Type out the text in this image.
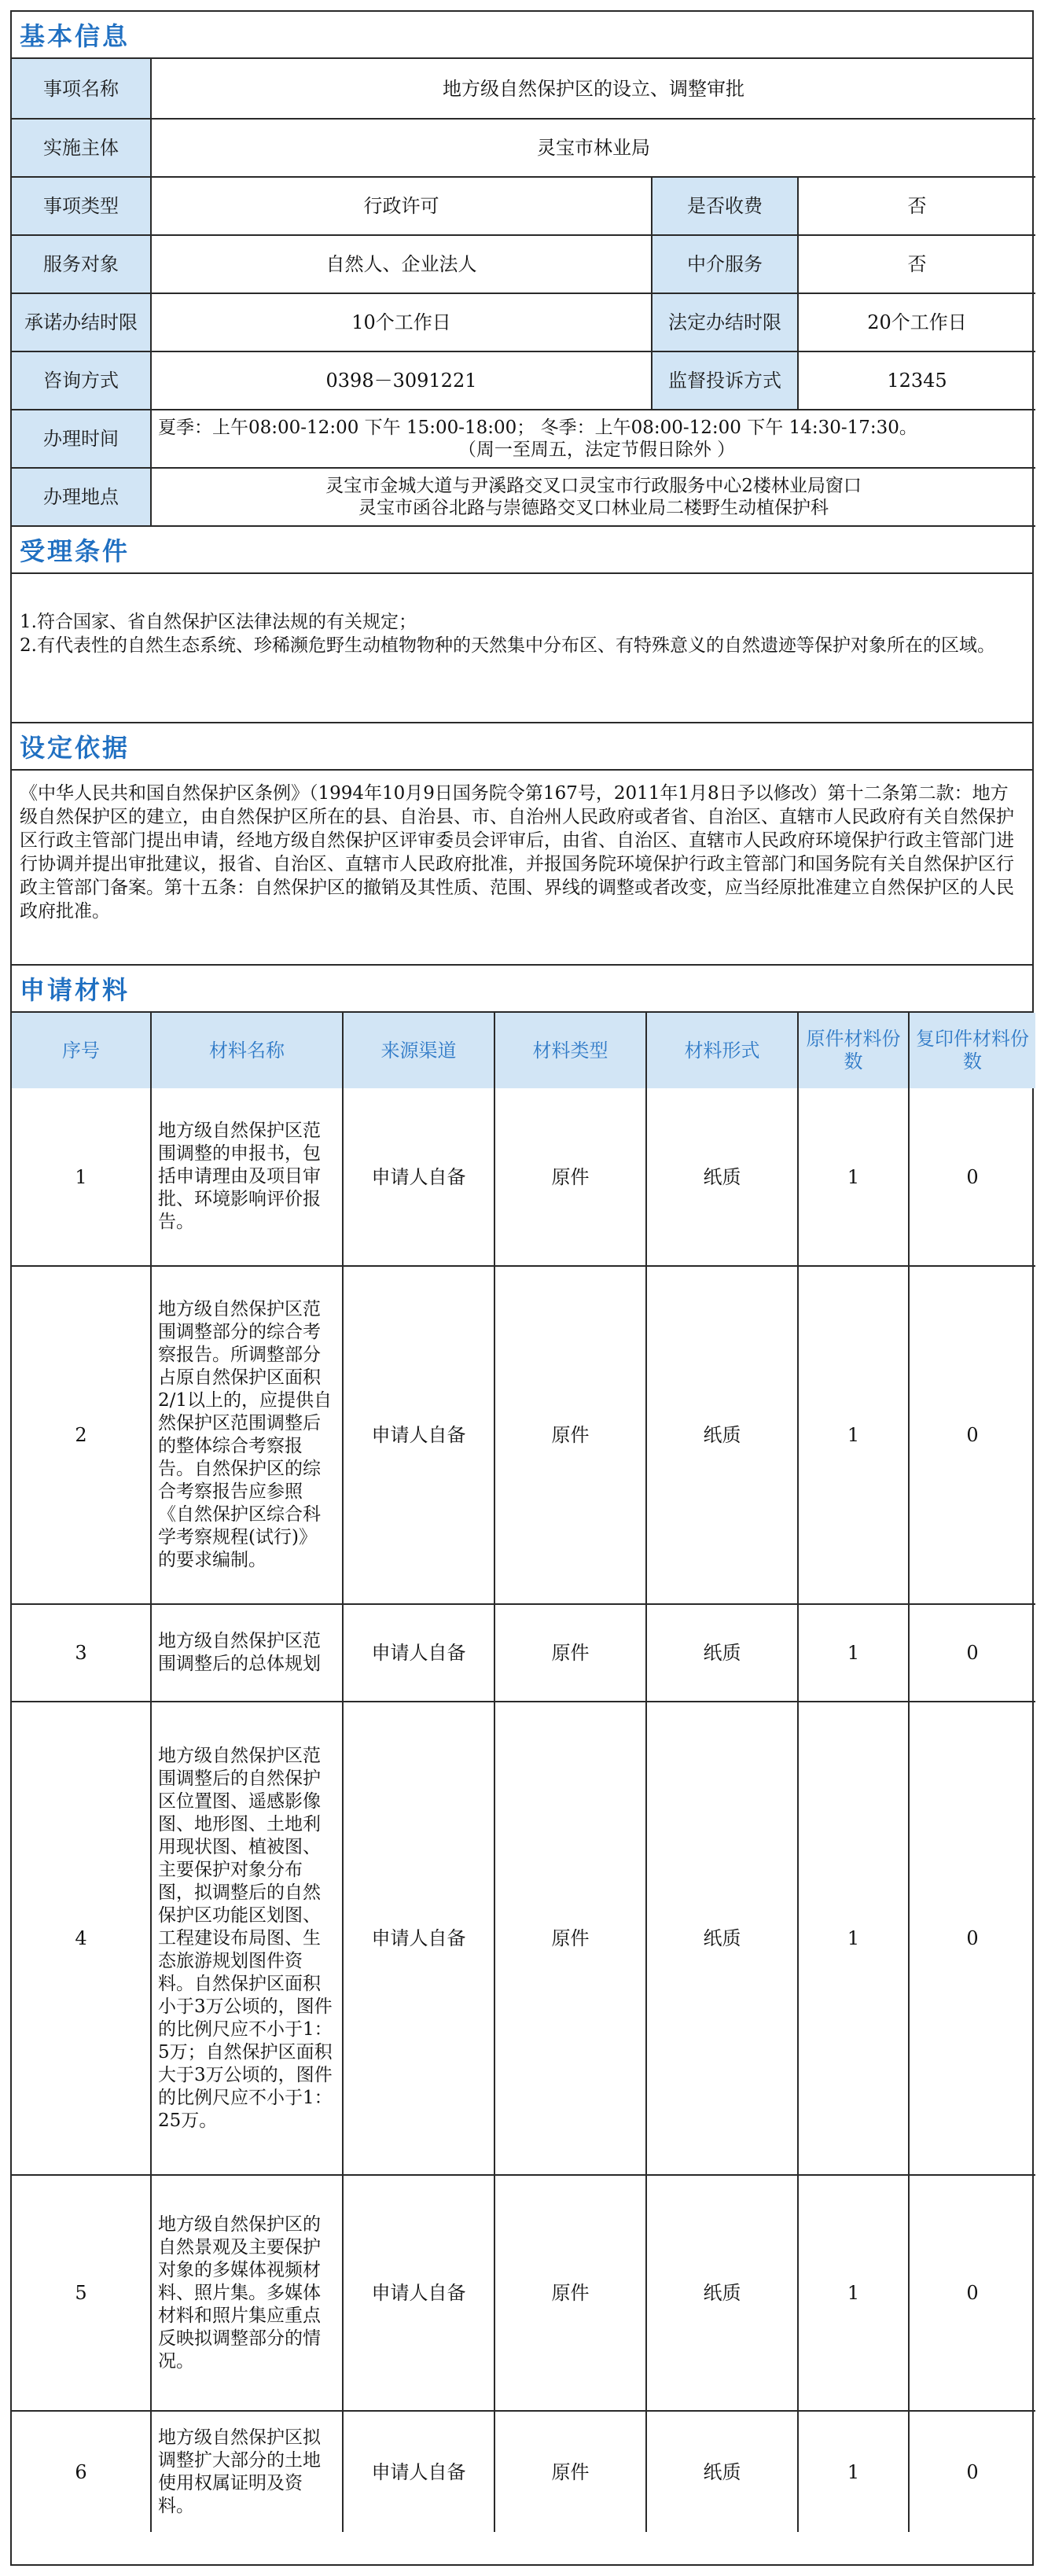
基本信息
事项名称	地方级自然保护区的设立、调整审批		
实施主体	灵宝市林业局		
事项类型	行政许可	是否收费	否
服务对象	自然人、企业法人	中介服务	否
承诺办结时限	10个工作日	法定办结时限	20个工作日
咨询方式	0398－3091221	监督投诉方式	12345
办理时间	夏季：上午08:00-12:00 下午 15:00-18:00； 冬季：上午08:00-12:00 下午 14:30-17:30。
（周一至周五，法定节假日除外 ）		

办理地点	灵宝市金城大道与尹溪路交叉口灵宝市行政服务中心2楼林业局窗口
灵宝市函谷北路与崇德路交叉口林业局二楼野生动植保护科		
受理条件
1.符合国家、省自然保护区法律法规的有关规定；
2.有代表性的自然生态系统、珍稀濒危野生动植物物种的天然集中分布区、有特殊意义的自然遗迹等保护对象所在的区域。
设定依据
《中华人民共和国自然保护区条例》（1994年10月9日国务院令第167号，2011年1月8日予以修改）第十二条第二款：地方级自然保护区的建立，由自然保护区所在的县、自治县、市、自治州人民政府或者省、自治区、直辖市人民政府有关自然保护区行政主管部门提出申请，经地方级自然保护区评审委员会评审后，由省、自治区、直辖市人民政府环境保护行政主管部门进行协调并提出审批建议，报省、自治区、直辖市人民政府批准，并报国务院环境保护行政主管部门和国务院有关自然保护区行政主管部门备案。第十五条：自然保护区的撤销及其性质、范围、界线的调整或者改变，应当经原批准建立自然保护区的人民政府批准。
申请材料
序号	材料名称	来源渠道	材料类型	材料形式	原件材料份数	复印件材料份数
1	地方级自然保护区范围调整的申报书，包括申请理由及项目审批、环境影响评价报告。	申请人自备	原件	纸质	1	0
2	地方级自然保护区范围调整部分的综合考察报告。所调整部分占原自然保护区面积2/1以上的，应提供自然保护区范围调整后的整体综合考察报告。自然保护区的综合考察报告应参照《自然保护区综合科学考察规程(试行)》的要求编制。	申请人自备	原件	纸质	1	0
3	地方级自然保护区范围调整后的总体规划	申请人自备	原件	纸质	1	0
4	地方级自然保护区范围调整后的自然保护区位置图、遥感影像图、地形图、土地利用现状图、植被图、主要保护对象分布图，拟调整后的自然保护区功能区划图、工程建设布局图、生态旅游规划图件资料。自然保护区面积小于3万公顷的，图件的比例尺应不小于1：5万；自然保护区面积大于3万公顷的，图件的比例尺应不小于1：25万。	申请人自备	原件	纸质	1	0
5	地方级自然保护区的自然景观及主要保护对象的多媒体视频材料、照片集。多媒体材料和照片集应重点反映拟调整部分的情况。	申请人自备	原件	纸质	1	0
6	地方级自然保护区拟调整扩大部分的土地使用权属证明及资料。	申请人自备	原件	纸质	1	0
